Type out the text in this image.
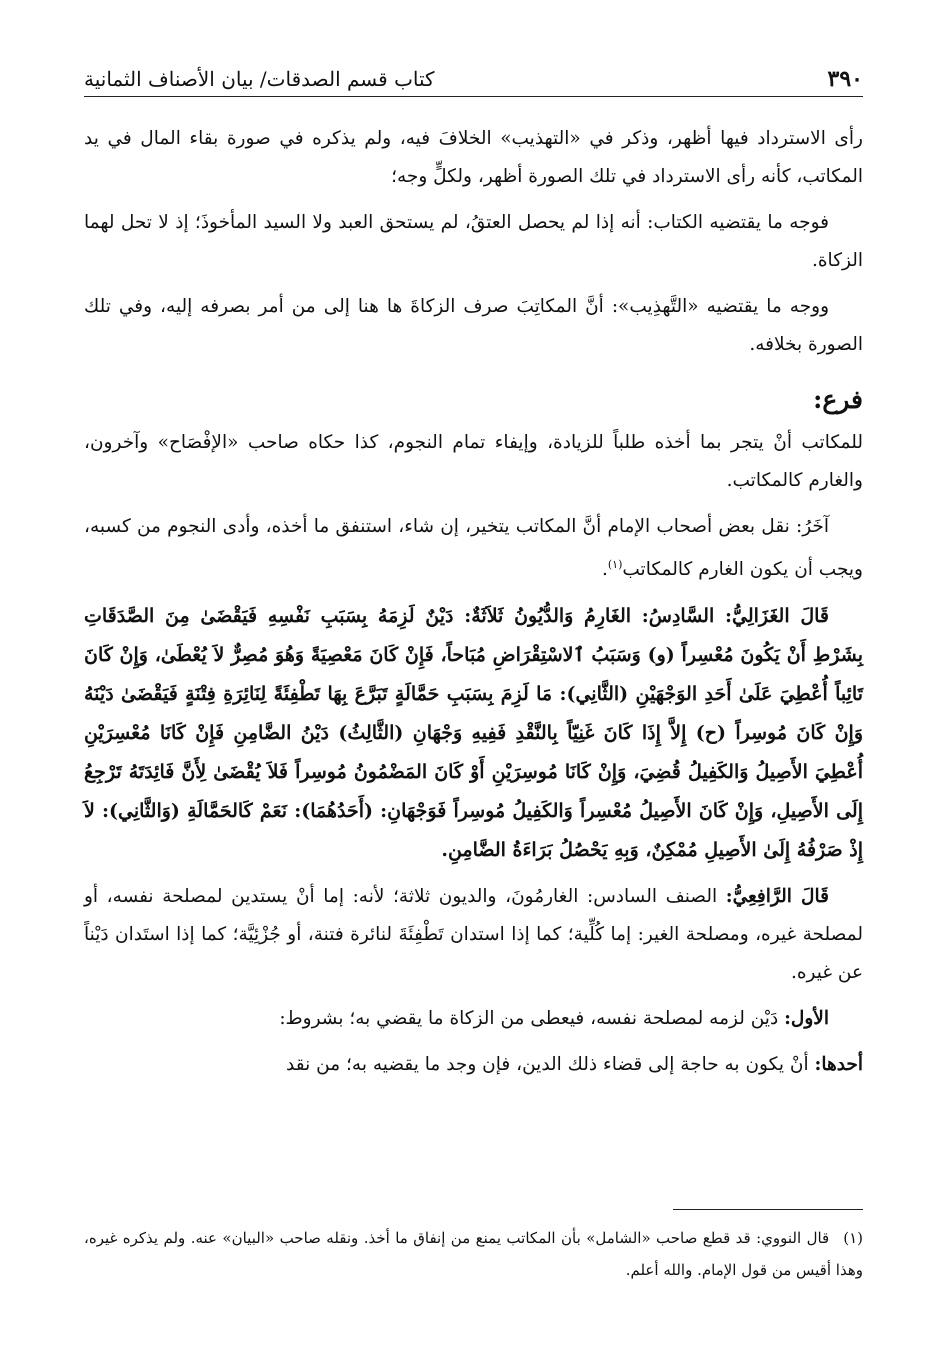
٣٩٠
كتاب قسم الصدقات/ بيان الأصناف الثمانية

رأى الاسترداد فيها أظهر، وذكر في «التهذيب» الخلافَ فيه، ولم يذكره في صورة بقاء المال في يد المكاتب، كأنه رأى الاسترداد في تلك الصورة أظهر، ولكلٍّ وجه؛

فوجه ما يقتضيه الكتاب: أنه إذا لم يحصل العتقُ، لم يستحق العبد ولا السيد المأخوذَ؛ إذ لا تحل لهما الزكاة.

ووجه ما يقتضيه «التَّهذِيب»: أنَّ المكاتِبَ صرف الزكاةَ ها هنا إلى من أمر بصرفه إليه، وفي تلك الصورة بخلافه.

فرع:

للمكاتب أنْ يتجر بما أخذه طلباً للزيادة، وإيفاء تمام النجوم، كذا حكاه صاحب «الإفْصَاح» وآخرون، والغارم كالمكاتب.

آخَرُ: نقل بعض أصحاب الإمام أنَّ المكاتب يتخير، إن شاء، استنفق ما أخذه، وأدى النجوم من كسبه، ويجب أن يكون الغارم كالمكاتب$^{(١)}$.

قَالَ الغَزَالِيُّ: السَّادِسُ: الغَارِمُ وَالدُّيُونُ ثَلاَثَةٌ: دَيْنٌ لَزِمَهُ بِسَبَبِ نَفْسِهِ فَيَقْضَىٰ مِنَ الصَّدَقَاتِ بِشَرْطِ أَنْ يَكُونَ مُعْسِراً (و) وَسَبَبُ ٱلاسْتِقْرَاضِ مُبَاحاً، فَإِنْ كَانَ مَعْصِيَةً وَهُوَ مُصِرٌّ لاَ يُعْطَىٰ، وَإِنْ كَانَ تَائِباً أُعْطِيَ عَلَىٰ أَحَدِ الوَجْهَيْنِ (الثَّانِي): مَا لَزِمَ بِسَبَبِ حَمَّالَةٍ تَبَرَّعَ بِهَا تَطْفِئَةً لِنَائِرَةِ فِتْنَةٍ فَيَقْضَىٰ دَيْنَهُ وَإِنْ كَانَ مُوسِراً (ح) إِلاَّ إِذَا كَانَ غَنِيّاً بِالنَّقْدِ فَفِيهِ وَجْهَانِ (الثَّالِثُ) دَيْنُ الضَّامِنِ فَإِنْ كَانَا مُعْسِرَيْنِ أُعْطِيَ الأَصِيلُ وَالكَفِيلُ قُضِيَ، وَإِنْ كَانَا مُوسِرَيْنِ أَوْ كَانَ المَضْمُونُ مُوسِراً فَلاَ يُقْضَىٰ لِأَنَّ فَائِدَتَهُ تَرْجِعُ إِلَى الأَصِيلِ، وَإِنْ كَانَ الأَصِيلُ مُعْسِراً وَالكَفِيلُ مُوسِراً فَوَجْهَانِ: (أَحَدُهُمَا): نَعَمْ كَالحَمَّالَةِ (وَالثَّانِي): لاَ إِذْ صَرْفُهُ إِلَىٰ الأَصِيلِ مُمْكِنٌ، وَبِهِ يَحْصُلُ بَرَاءَةُ الضَّامِنِ.

قَالَ الرَّافِعِيُّ: الصنف السادس: الغارمُونَ، والديون ثلاثة؛ لأنه: إما أنْ يستدين لمصلحة نفسه، أو لمصلحة غيره، ومصلحة الغير: إما كُلِّية؛ كما إذا استدان تَطْفِئَةَ لنائرة فتنة، أو جُزْئِيَّة؛ كما إذا استَدان دَيْناً عن غيره.

الأول: دَيْن لزمه لمصلحة نفسه، فيعطى من الزكاة ما يقضي به؛ بشروط:

أحدها: أنْ يكون به حاجة إلى قضاء ذلك الدين، فإن وجد ما يقضيه به؛ من نقد

(١)قال النووي: قد قطع صاحب «الشامل» بأن المكاتب يمنع من إنفاق ما أخذ. ونقله صاحب «البيان» عنه. ولم يذكره غيره، وهذا أقيس من قول الإمام. والله أعلم.
